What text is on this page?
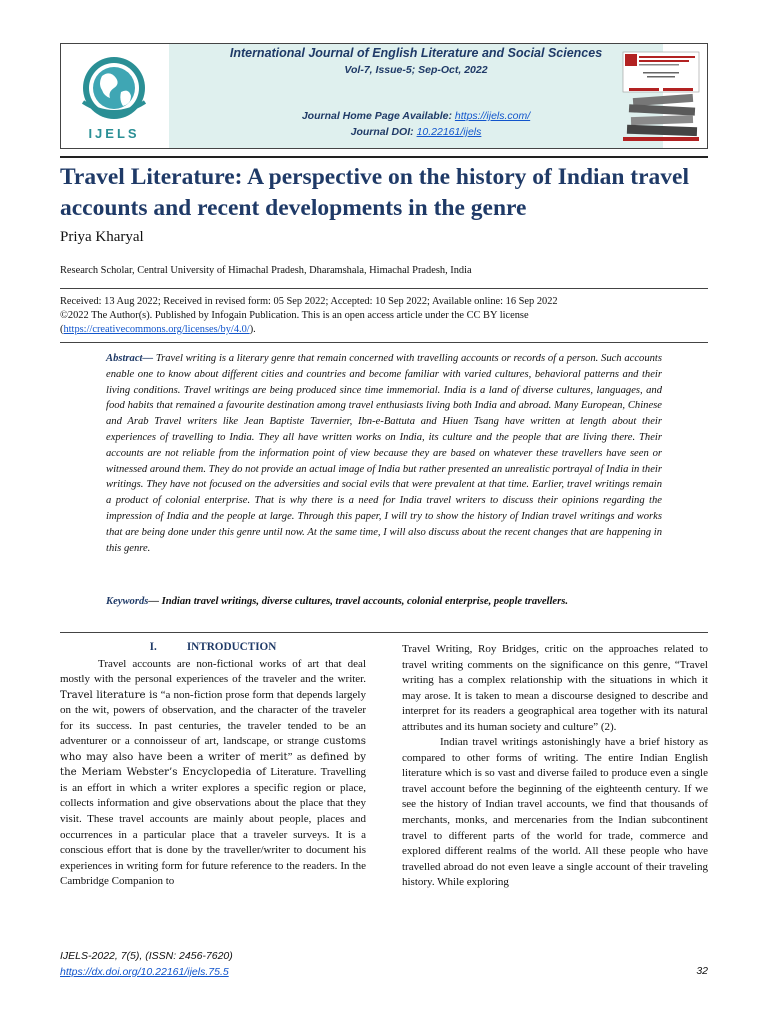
IJELS
International Journal of English Literature and Social Sciences
Vol-7, Issue-5; Sep-Oct, 2022
Journal Home Page Available: https://ijels.com/
Journal DOI: 10.22161/ijels
Travel Literature: A perspective on the history of Indian travel accounts and recent developments in the genre
Priya Kharyal
Research Scholar, Central University of Himachal Pradesh, Dharamshala, Himachal Pradesh, India
Received: 13 Aug 2022; Received in revised form: 05 Sep 2022; Accepted: 10 Sep 2022; Available online: 16 Sep 2022
©2022 The Author(s). Published by Infogain Publication. This is an open access article under the CC BY license
(https://creativecommons.org/licenses/by/4.0/).

Abstract— Travel writing is a literary genre that remain concerned with travelling accounts or records of a person. Such accounts enable one to know about different cities and countries and become familiar with varied cultures, behavioral patterns and their living conditions. Travel writings are being produced since time immemorial. India is a land of diverse cultures, languages, and food habits that remained a favourite destination among travel enthusiasts living both India and abroad. Many European, Chinese and Arab Travel writers like Jean Baptiste Tavernier, Ibn-e-Battuta and Hiuen Tsang have written at length about their experiences of travelling to India. They all have written works on India, its culture and the people that are living there. Their accounts are not reliable from the information point of view because they are based on whatever these travellers have seen or witnessed around them. They do not provide an actual image of India but rather presented an unrealistic portrayal of India in their writings. They have not focused on the adversities and social evils that were prevalent at that time. Earlier, travel writings remain a product of colonial enterprise. That is why there is a need for India travel writers to discuss their opinions regarding the impression of India and the people at large. Through this paper, I will try to show the history of Indian travel writings and works that are being done under this genre until now. At the same time, I will also discuss about the recent changes that are happening in this genre.

Keywords— Indian travel writings, diverse cultures, travel accounts, colonial enterprise, people travellers.

I.	INTRODUCTION

Travel accounts are non-fictional works of art that deal mostly with the personal experiences of the traveler and the writer. Travel literature is “a non-fiction prose form that depends largely on the wit, powers of observation, and the character of the traveler for its success. In past centuries, the traveler tended to be an adventurer or a connoisseur of art, landscape, or strange customs who may also have been a writer of merit” as defined by the Meriam Webster’s Encyclopedia of Literature. Travelling is an effort in which a writer explores a specific region or place, collects information and give observations about the place that they visit. These travel accounts are mainly about people, places and occurrences in a particular place that a traveler surveys. It is a conscious effort that is done by the traveller/writer to document his experiences in writing form for future reference to the readers. In the Cambridge Companion to

Travel Writing, Roy Bridges, critic on the approaches related to travel writing comments on the significance on this genre, “Travel writing has a complex relationship with the situations in which it may arose. It is taken to mean a discourse designed to describe and interpret for its readers a geographical area together with its natural attributes and its human society and culture” (2).

Indian travel writings astonishingly have a brief history as compared to other forms of writing. The entire Indian English literature which is so vast and diverse failed to produce even a single travel account before the beginning of the eighteenth century. If we see the history of Indian travel accounts, we find that thousands of merchants, monks, and mercenaries from the Indian subcontinent travel to different parts of the world for trade, commerce and explored different realms of the world. All these people who have travelled abroad do not even leave a single account of their traveling history. While exploring

IJELS-2022, 7(5), (ISSN: 2456-7620)
https://dx.doi.org/10.22161/ijels.75.5	32
